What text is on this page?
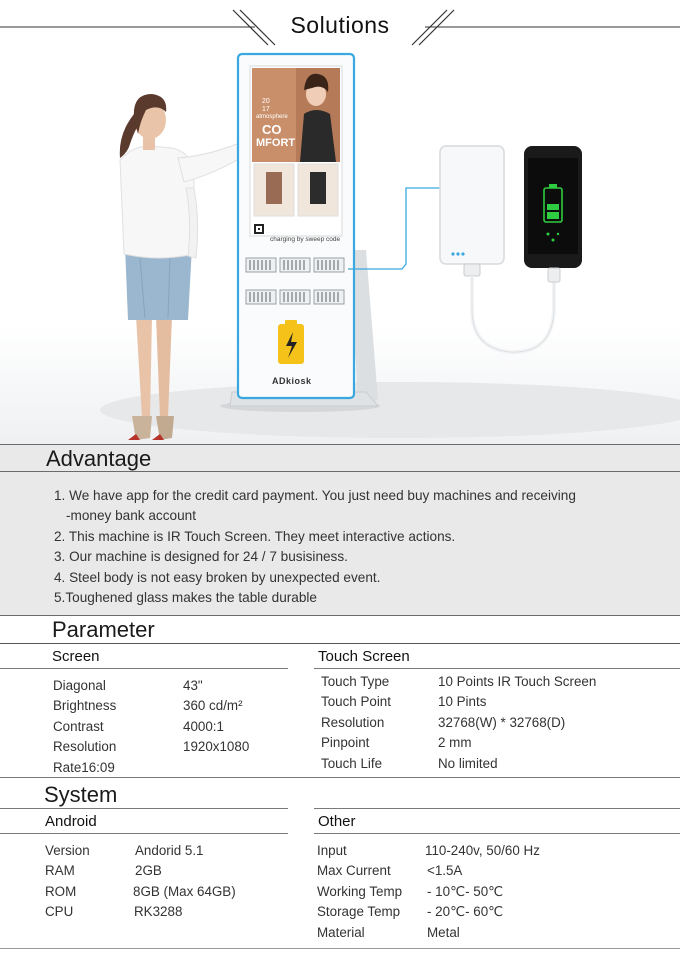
Solutions
20
17
atmosphere
CO
MFORT
charging by sweep code
ADkiosk
Advantage
1. We have app for the credit card payment. You just need buy machines and receiving
-money bank account
2. This machine is IR Touch Screen. They meet interactive actions.
3. Our machine is designed for 24 / 7 busisiness.
4. Steel body is not easy broken by unexpected event.
5.Toughened glass makes the table durable
Parameter
Screen	Touch Screen
Diagonal	43"
Brightness	360 cd/m²
Contrast	4000:1
Resolution	1920x1080
Rate16:09
Touch Type	10 Points IR Touch Screen
Touch Point	10 Pints
Resolution	32768(W) * 32768(D)
Pinpoint	2 mm
Touch Life	No limited
System
Android	Other
Version	Andorid 5.1
RAM	2GB
ROM	8GB (Max 64GB)
CPU	RK3288
Input	110-240v, 50/60 Hz
Max Current	<1.5A
Working Temp - 10℃- 50℃
Storage Temp - 20℃- 60℃
Material	Metal
